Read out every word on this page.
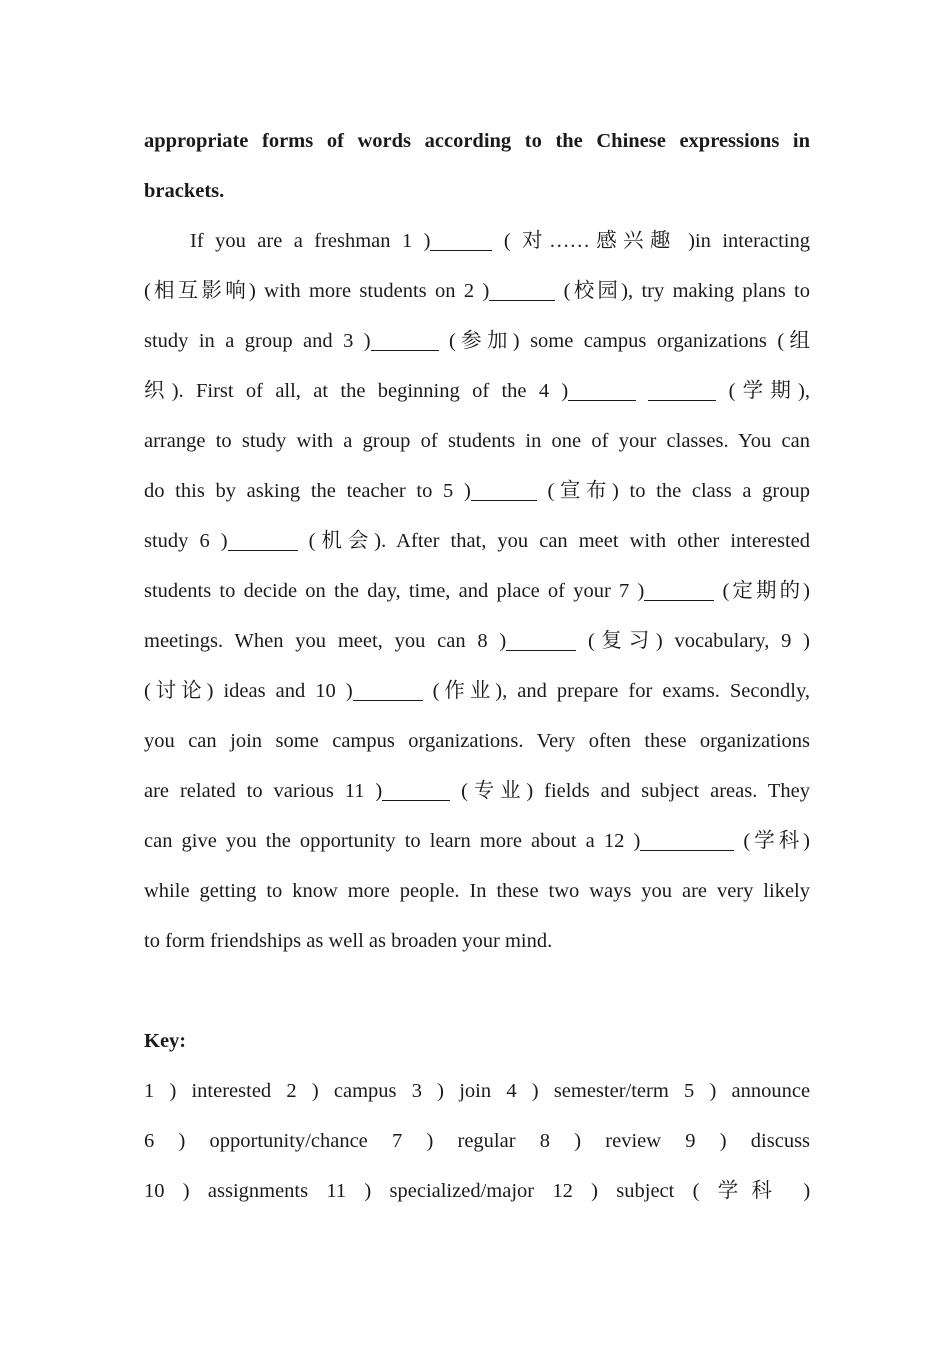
appropriate forms of words according to the Chinese expressions in
brackets.
If you are a freshman 1 )	( 对……感兴趣 )in interacting
(相互影响) with more students on 2 )	(校园), try making plans to
study in a group and 3 )	(参加) some campus organizations (组
织). First of all, at the beginning of the 4 )	(学期),
arrange to study with a group of students in one of your classes. You can
do this by asking the teacher to 5 )	(宣布) to the class a group
study 6 )	(机会). After that, you can meet with other interested
students to decide on the day, time, and place of your 7 )	(定期的)
meetings. When you meet, you can 8 )	(复习) vocabulary, 9 )
(讨论) ideas and 10 )	(作业), and prepare for exams. Secondly,
you can join some campus organizations. Very often these organizations
are related to various 11 )	(专业) fields and subject areas. They
can give you the opportunity to learn more about a 12 )	(学科)
while getting to know more people. In these two ways you are very likely
to form friendships as well as broaden your mind.
Key:
1 ) interested 2 ) campus 3 ) join 4 ) semester/term 5 ) announce
6 ) opportunity/chance 7 ) regular 8 ) review 9 ) discuss
10 ) assignments 11 ) specialized/major 12 ) subject ( 学科 )
